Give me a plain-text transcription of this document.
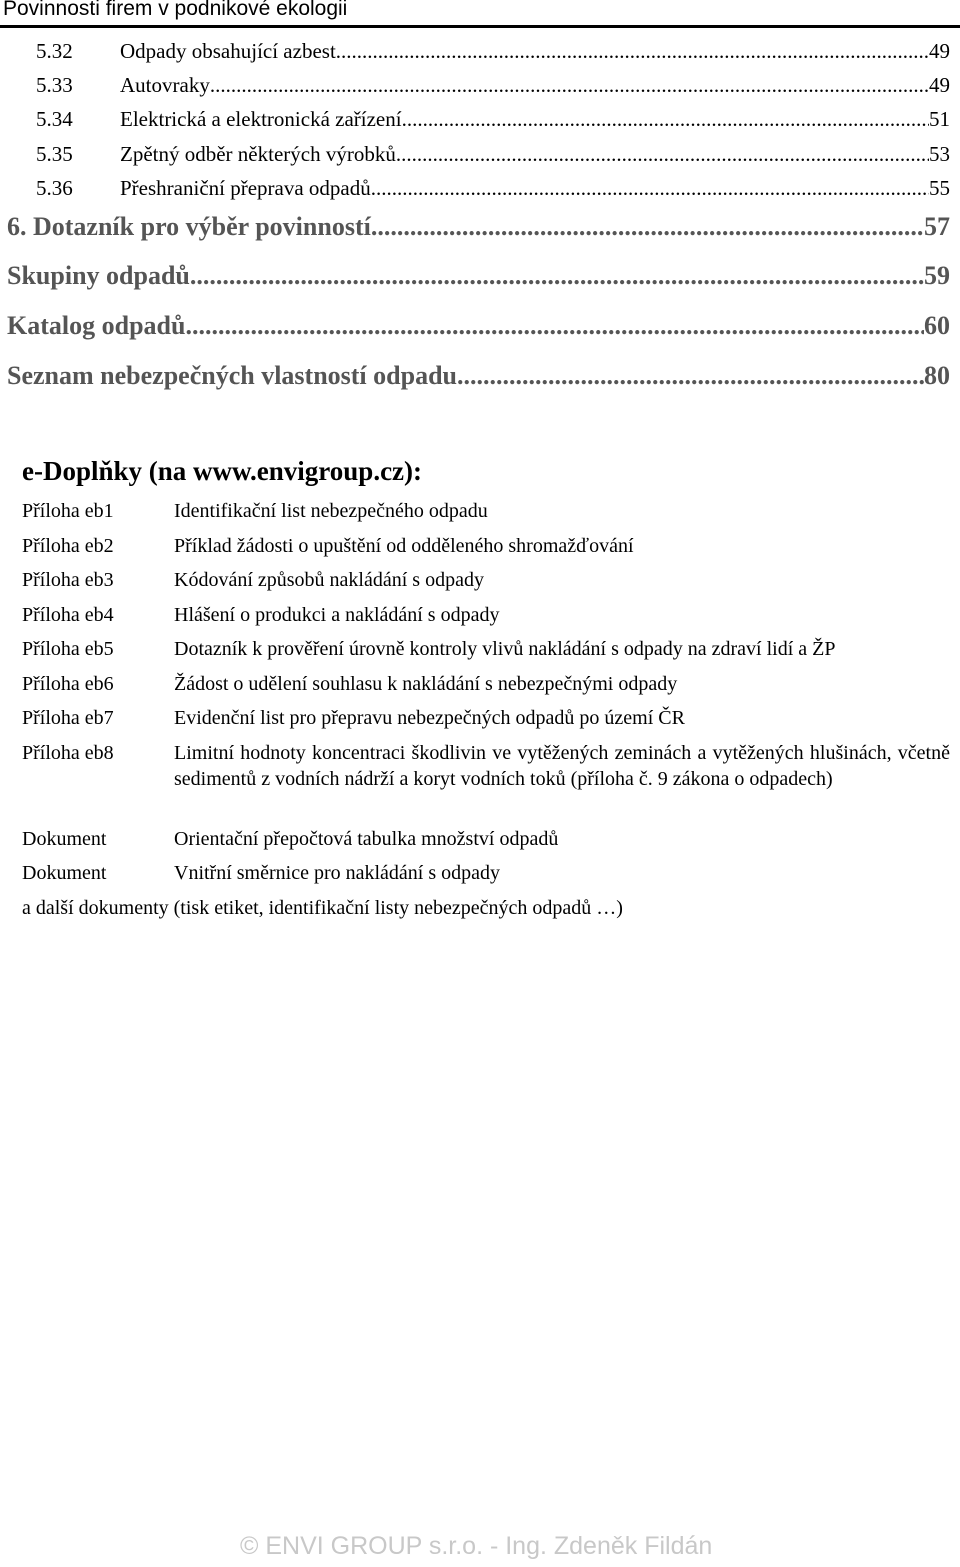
Povinnosti firem v podnikové ekologii
5.32	Odpady obsahující azbest .....	49
5.33	Autovraky .....	49
5.34	Elektrická a elektronická zařízení .....	51
5.35	Zpětný odběr některých výrobků .....	53
5.36	Přeshraniční přeprava odpadů .....	55
6. Dotazník pro výběr povinností .....	57
Skupiny odpadů .....	59
Katalog odpadů .....	60
Seznam nebezpečných vlastností odpadu .....	80
e-Doplňky (na www.envigroup.cz):
Příloha eb1	Identifikační list nebezpečného odpadu
Příloha eb2	Příklad žádosti o upuštění od odděleného shromažďování
Příloha eb3	Kódování způsobů nakládání s odpady
Příloha eb4	Hlášení o produkci a nakládání s odpady
Příloha eb5	Dotazník k prověření úrovně kontroly vlivů nakládání s odpady na zdraví lidí a ŽP
Příloha eb6	Žádost o udělení souhlasu k nakládání s nebezpečnými odpady
Příloha eb7	Evidenční list pro přepravu nebezpečných odpadů po území ČR
Příloha eb8	Limitní hodnoty koncentraci škodlivin ve vytěžených zeminách a vytěžených hlušinách, včetně sedimentů z vodních nádrží a koryt vodních toků (příloha č. 9 zákona o odpadech)
Dokument	Orientační přepočtová tabulka množství odpadů
Dokument	Vnitřní směrnice pro nakládání s odpady
a další dokumenty (tisk etiket, identifikační listy nebezpečných odpadů …)
© ENVI GROUP s.r.o. - Ing. Zdeněk Fildán
